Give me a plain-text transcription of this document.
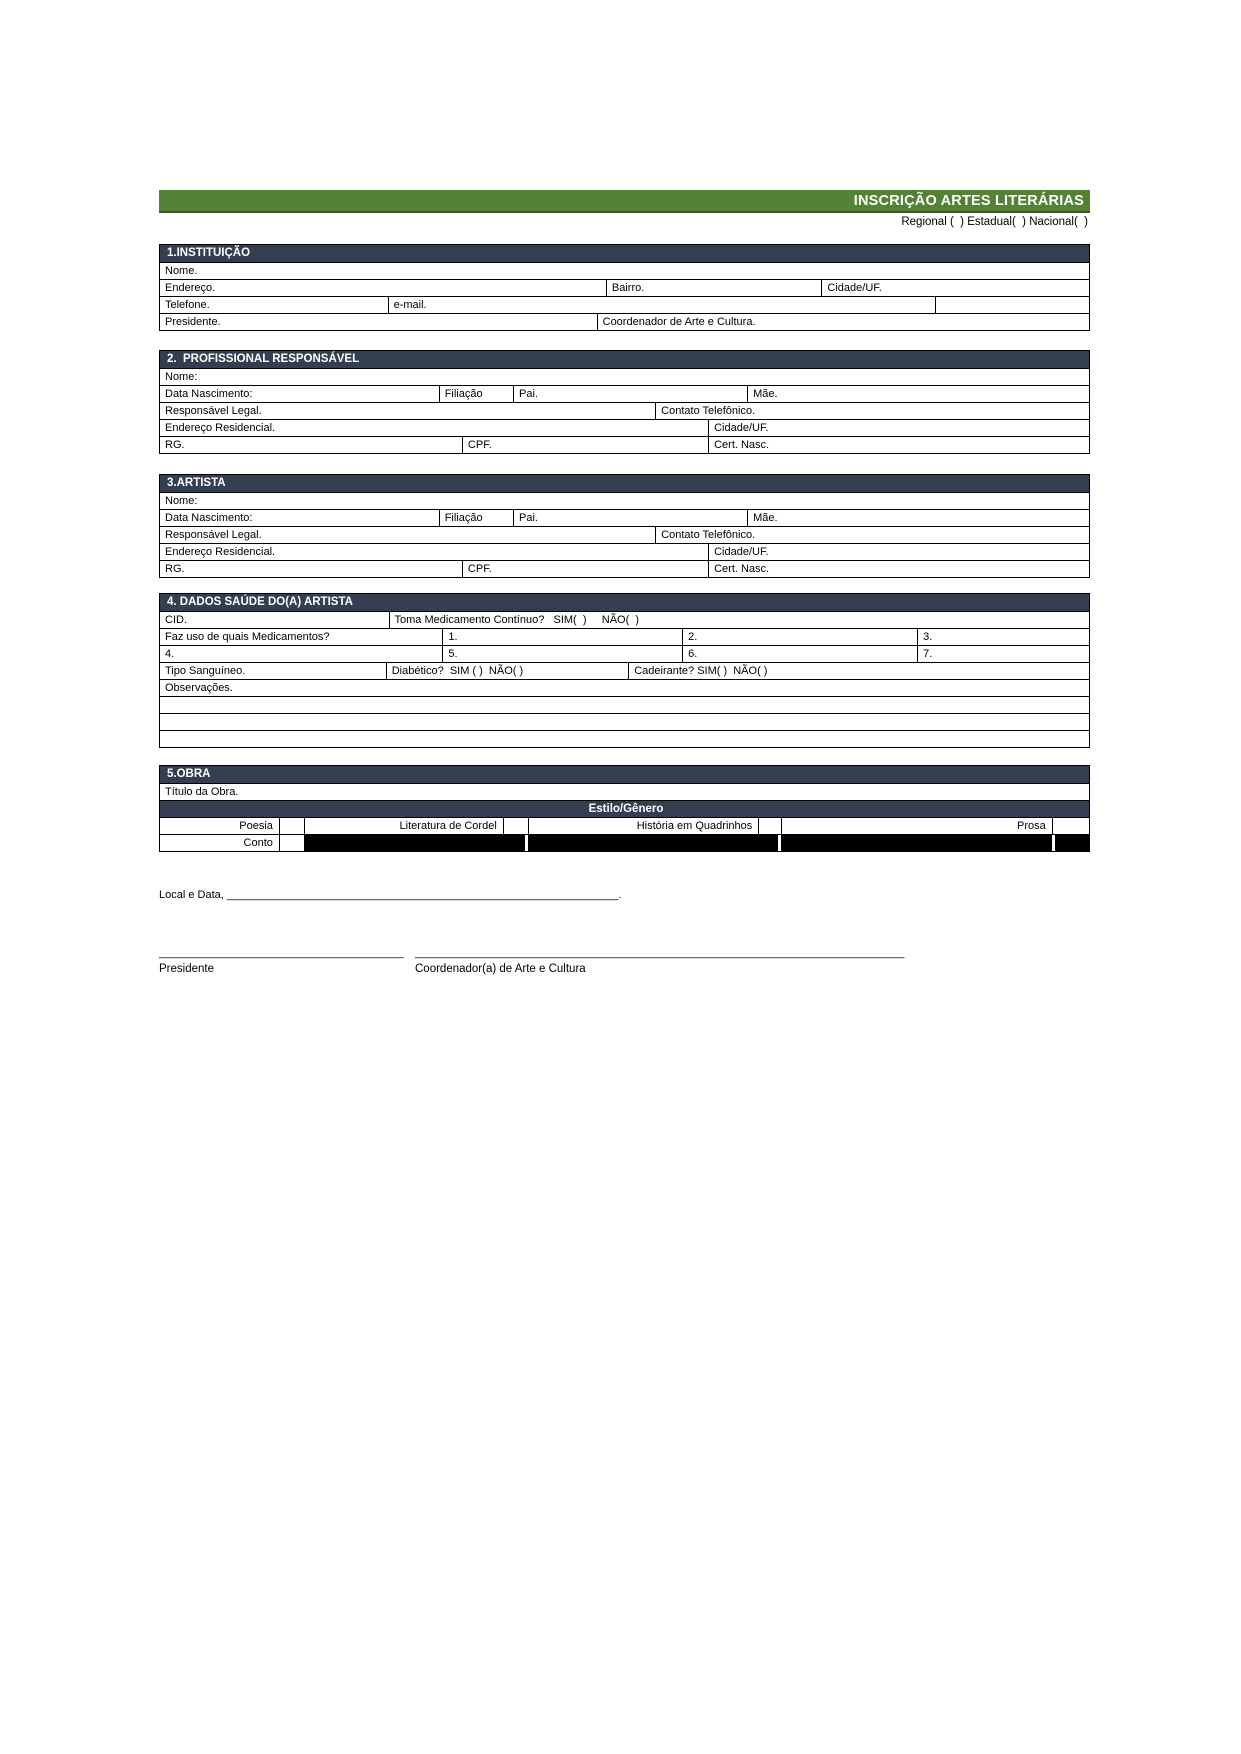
INSCRIÇÃO ARTES LITERÁRIAS
Regional (  ) Estadual(  ) Nacional(  )
1.INSTITUIÇÃO
Nome.
Endereço.	Bairro.	Cidade/UF.
Telefone.	e-mail.
Presidente.	Coordenador de Arte e Cultura.
2.  PROFISSIONAL RESPONSÁVEL
Nome:
Data Nascimento:	Filiação	Pai.	Mãe.
Responsável Legal.	Contato Telefônico.
Endereço Residencial.	Cidade/UF.
RG.	CPF.	Cert. Nasc.
3.ARTISTA
Nome:
Data Nascimento:	Filiação	Pai.	Mãe.
Responsável Legal.	Contato Telefônico.
Endereço Residencial.	Cidade/UF.
RG.	CPF.	Cert. Nasc.
4. DADOS SAÚDE DO(A) ARTISTA
CID.	Toma Medicamento Contínuo?   SIM(  )     NÃO(  )
Faz uso de quais Medicamentos?	1.	2.	3.
4.	5.	6.	7.
Tipo Sanguíneo.	Diabético?  SIM ( )  NÃO( )	Cadeirante? SIM( )  NÃO( )
Observações.
5.OBRA
Título da Obra.
Estilo/Gênero
Poesia	Literatura de Cordel	História em Quadrinhos	Prosa
Conto
Local e Data, ________________________________________________________________.
________________________________________
Presidente
________________________________________________________________________________
Coordenador(a) de Arte e Cultura
